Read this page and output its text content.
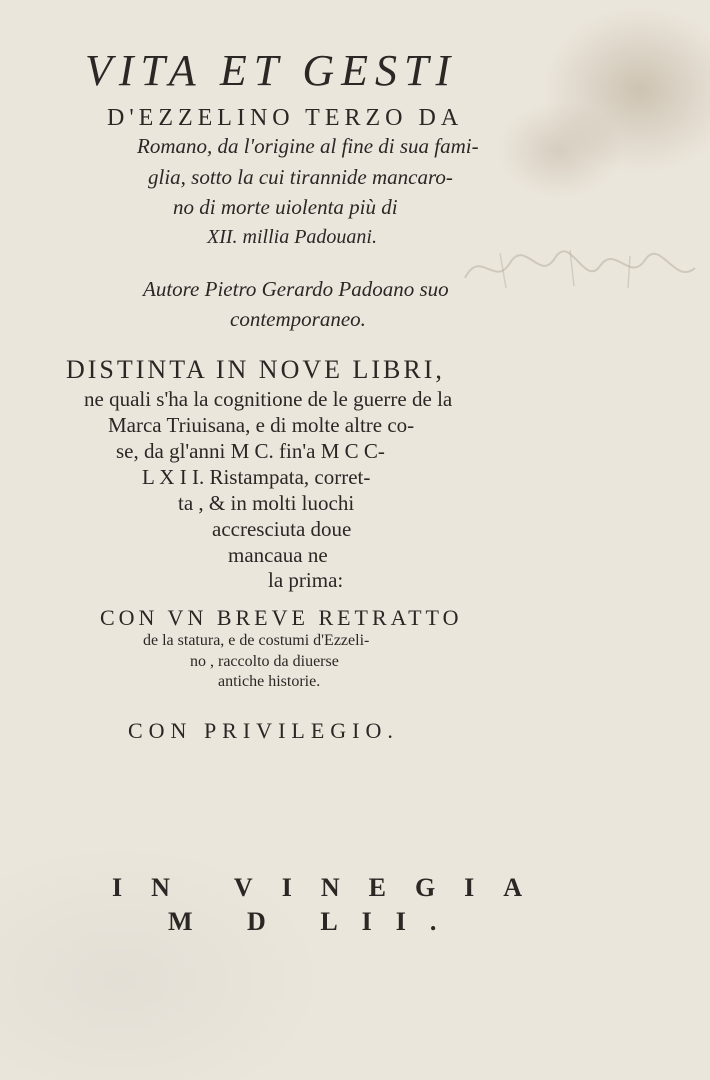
VITA ET GESTI
D'EZZELINO TERZO DA
Romano, da l'origine al fine di sua fami-
glia, sotto la cui tirannide mancaro-
no di morte uiolenta più di
XII. millia Padouani.
Autore Pietro Gerardo Padoano suo
contemporaneo.
DISTINTA IN NOVE LIBRI,
ne quali s'ha la cognitione de le guerre de la
Marca Triuisana, e di molte altre co-
se, da gl'anni M C. fin'a M C C-
L X I I. Ristampata, corret-
ta , & in molti luochi
accresciuta doue
mancaua ne
la prima:
CON VN BREVE RETRATTO
de la statura, e de costumi d'Ezzeli-
no , raccolto da diuerse
antiche historie.
CON PRIVILEGIO.
IN VINEGIA
M D LII.
